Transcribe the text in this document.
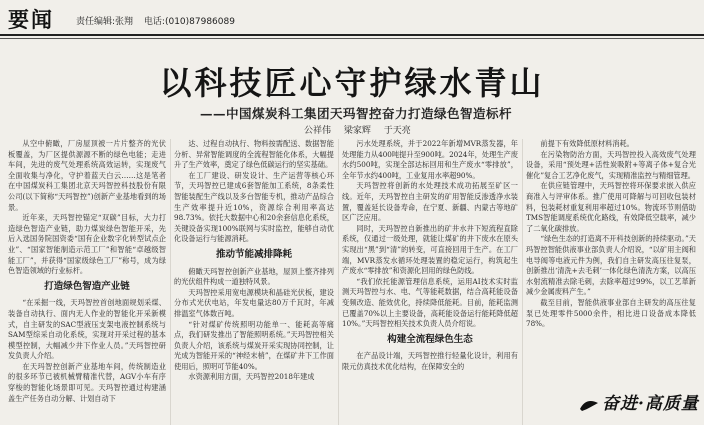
要闻 责任编辑:张翔 电话:(010)87986089
以科技匠心守护绿水青山
——中国煤炭科工集团天玛智控奋力打造绿色智造标杆
公祥伟 梁家辉 于天亮

从空中俯瞰，厂房屋顶被一片片整齐的光伏板覆盖，为厂区提供源源不断的绿色电能；走进车间，先进的废气处理系统高效运转，实现废气全面收集与净化，守护着蓝天白云……这是笔者在中国煤炭科工集团北京天玛智控科技股份有限公司(以下简称“天玛智控”)创新产业基地看到的场景。

近年来，天玛智控锚定“双碳”目标，大力打造绿色智造产业链，助力煤炭绿色智能开采，先后入选国务院国资委“国有企业数字化转型试点企业”、“国家智能制造示范工厂”和智能“卓越级智能工厂”，并获得“国家级绿色工厂”称号，成为绿色智造领域的行业标杆。

打造绿色智造产业链

“在采掘一线，天玛智控首创地面规划采煤、装备自动执行、面内无人作业的智能化开采新模式，自主研发的SAC型液压支架电液控制系统与SAM型综采自动化系统，实现对开采过程的基本模型控制，大幅减少井下作业人员。”天玛智控研发负责人介绍。

在天玛智控创新产业基地车间，传统制造业的很多环节已被机械臂精准代替，AGV小车有序穿梭的智能化场景即可见。天玛智控通过构建涵盖生产任务自动分解、计划自动下

达、过程自动执行、物料按需配送、数据智能分析、异常智能调度的全流程智能化体系，大幅提升了生产效率，奠定了绿色低碳运行的坚实基础。

在工厂建设、研发设计、生产运营等核心环节，天玛智控已建成6套智能加工系统，8条柔性智能装配生产线以及多台智能专机，推动产品综合生产效率提升近10%，资源综合利用率高达98.73%。依托大数据中心和20余套信息化系统，关键设备实现100%联网与实时监控，能够自动优化设备运行与能源消耗。

推动节能减排降耗

俯瞰天玛智控创新产业基地，屋顶上整齐排列的光伏组件构成一道独特风景。

天玛智控采用宽电源模块和晶硅光伏板，建设分布式光伏电站，年发电量达80万千瓦时，年减排温室气体数百吨。

“针对煤矿传统照明功能单一、能耗高等痛点，我们研发推出了智能照明系统。”天玛智控相关负责人介绍，该系统与煤炭开采实现协同控制，让光成为智能开采的“神经末梢”，在煤矿井下工作面使用后，照明可节能40%。

水资源利用方面，天玛智控2018年建成

污水处理系统，并于2022年新增MVR蒸发器，年处理能力从400吨提升至900吨。2024年，处理生产废水约500吨，实现全部达标回用和生产废水“零排放”，全年节水约400吨，工业复用水率超90%。

天玛智控将创新的水处理技术成功拓展至矿区一线。近年，天玛智控自主研发的矿用智能反渗透净水装置，覆盖延长设备寿命，在宁夏、新疆、内蒙古等地矿区广泛应用。

同时，天玛智控自新推出的矿井水井下短流程直除系统，仅通过一级处理，就能让煤矿的井下废水在原头实现出“黑”到“清”的转变，可直接回用于生产。在工厂端，MVR蒸发水循环处理装置的稳定运行，构筑起生产废水“零排放”和资源化回用的绿色防线。

“我们依托能源管理信息系统，运用AI技术实时监测天玛智控与水、电、气等能耗数据，结合高耗能设备变频改造、能效优化，持续降低能耗。目前，能耗监测已覆盖70%以上主要设备，高耗能设备运行能耗降低超10%。”天玛智控相关技术负责人员介绍说。

构建全流程绿色生态

在产品设计端，天玛智控推行轻量化设计，利用有限元仿真技术优化结构，在保障安全的

前提下有效降低原材料消耗。

在污染物防治方面，天玛智控投入高效废气处理设备，采用“预处理+活性炭吸附+等离子体+复合光催化”复合工艺净化废气，实现精准监控与精细管理。

在供应链管理中，天玛智控将环保要求嵌入供应商准入与评审体系。推广使用可降解与可回收包装材料，包装耗材重复利用率超过10%。物流环节则借助TMS智能调度系统优化路线，有效降低空载率，减少了二氧化碳排放。

“绿色生态的打造离不开科技创新的持续驱动。”天玛智控智能供液事业部负责人介绍说，“以矿用主阀和电导阀等电液元件为例，我们自主研发高压往复泵，创新推出‘清洗+去毛刺’一体化绿色清洗方案，以高压水射流精准去除毛刺，去除率超过99%，以工艺革新减少金属废料产生。”

截至目前，智能供液事业部自主研发的高压往复泵已处理零件5000余件，相比进口设备成本降低78%。

奋进·高质量
